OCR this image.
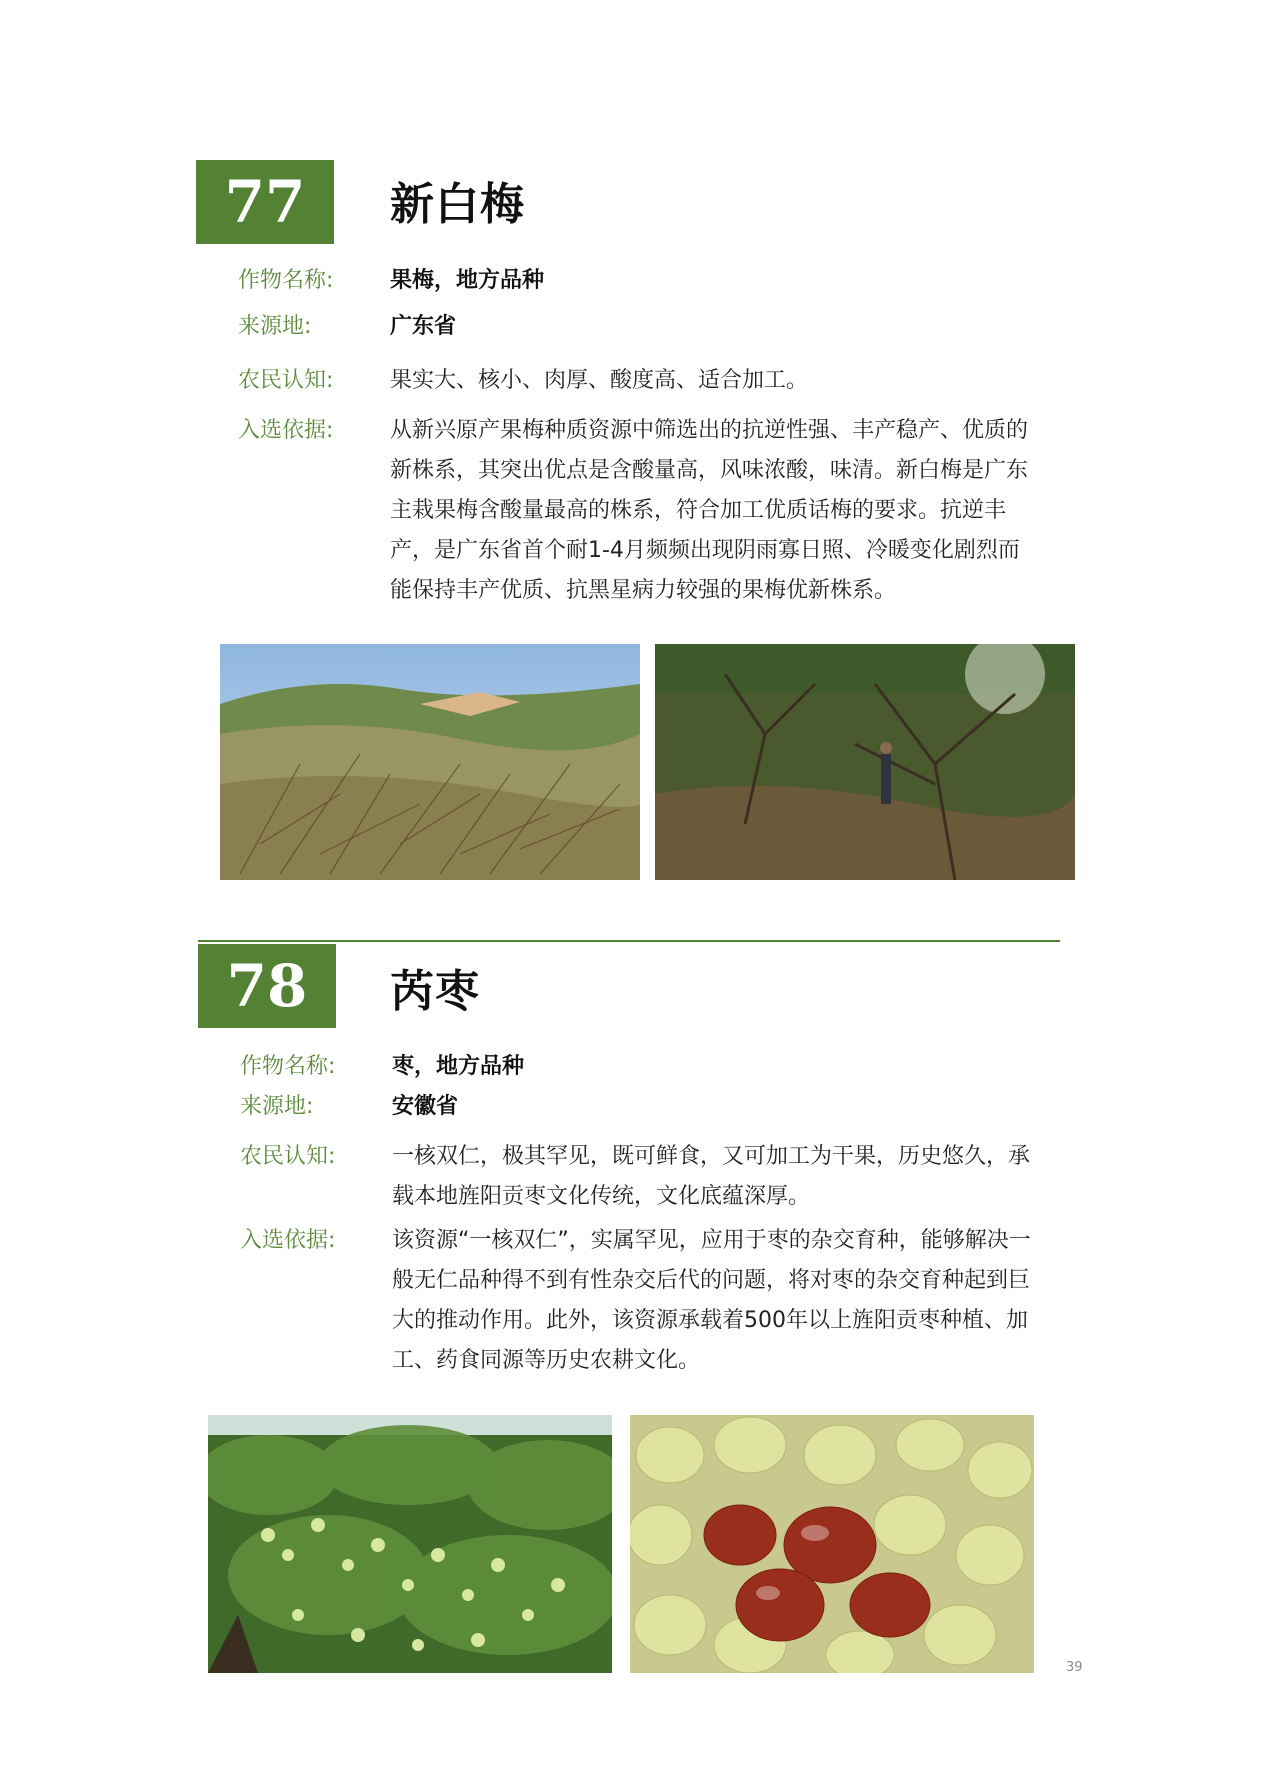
77	新白梅
作物名称:	果梅，地方品种
来源地:	广东省
农民认知:	果实大、核小、肉厚、酸度高、适合加工。
入选依据:	从新兴原产果梅种质资源中筛选出的抗逆性强、丰产稳产、优质的新株系，其突出优点是含酸量高，风味浓酸，味清。新白梅是广东主栽果梅含酸量最高的株系，符合加工优质话梅的要求。抗逆丰产，是广东省首个耐1-4月频频出现阴雨寡日照、冷暖变化剧烈而能保持丰产优质、抗黑星病力较强的果梅优新株系。
78	芮枣
作物名称:	枣，地方品种
来源地:	安徽省
农民认知:	一核双仁，极其罕见，既可鲜食，又可加工为干果，历史悠久，承载本地旌阳贡枣文化传统，文化底蕴深厚。
入选依据:	该资源“一核双仁”，实属罕见，应用于枣的杂交育种，能够解决一般无仁品种得不到有性杂交后代的问题，将对枣的杂交育种起到巨大的推动作用。此外，该资源承载着500年以上旌阳贡枣种植、加工、药食同源等历史农耕文化。
39
